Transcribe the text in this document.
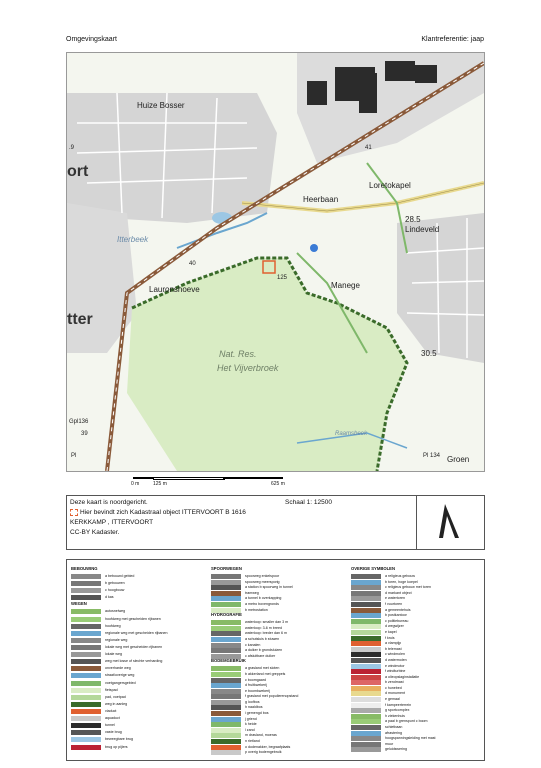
Omgevingskaart	Klantreferentie: jaap
Huize Bosser
.9
ort
41
Loretokapel
Heerbaan
28.5
Lindeveld
Itterbeek
40
Lauronshoeve	Manege
tter
Nat. Res.
Het Vijverbroek
30.5
Gpl136
39
Pl
Raamsbeek
Pl 134 Groen
125
0 m	125 m	625 m
Deze kaart is noordgericht.	Schaal 1: 12500
Hier bevindt zich Kadastraal object ITTERVOORT B 1616
KERKKAMP , ITTERVOORT
CC-BY Kadaster.
BEBOUWING
a bebouwd gebied
b gebouwen
c hoogbouw
d kas
WEGEN
autosnelweg
hoofdweg met gescheiden rijbanen
hoofdweg
regionale weg met gescheiden rijbanen
regionale weg
lokale weg met gescheiden rijbanen
lokale weg
weg met losse of slechte verharding
onverharde weg
straat/overige weg
voetgangersgebied
fietspad
pad, voetpad
weg in aanleg
viaduct
aquaduct
tunnel
vaste brug
beweegbare brug
brug op pijlers
SPOORWEGEN
spoorweg enkelspoor
spoorweg meersporig
a station b spoorweg in tunnel
tramweg
a tunnel b overkapping
a metro bovengronds
b metrostation
HYDROGRAFIE
waterloop: smaller dan 3 m
waterloop: 3-6 m breed
waterloop: breder dan 6 m
a schutsluis b stuwen
c kanalen
a duiker b grondsluizen
c afsluitbare duiker
BODEMGEBRUIK
a grasland met sloten
b akkerland met greppels
c boomgaard
d fruitkwekerij
e boomkwekerij
f grasland met populierenopstand
g loofbos
h naaldbos
i gemengd bos
j griend
k heide
l zand
m drasland, moeras
n rietland
o dodenakker, begraafplaats
p overig bodemgebruik
OVERIGE SYMBOLEN
a religieus gebouw
b toren, hoge koepel
c religieus gebouw met toren
d markant object
e watertoren
f vuurtoren
a gemeentehuis
b postkantoor
c politiebureau
d wegwijzer
e kapel
f kruis
a vlampijp
b telemast
c windmolen
d watermolen
e windmotor
f windturbine
a olieopslaginstallatie
b zendmast
c hunebed
d monument
e gemaal
f kampeerterrein
g sportcomplex
h ziekenhuis
a paal b grenspunt c boom
schietbaan
afrastering
hoogspanningsleiding met mast
muur
geluidswering
